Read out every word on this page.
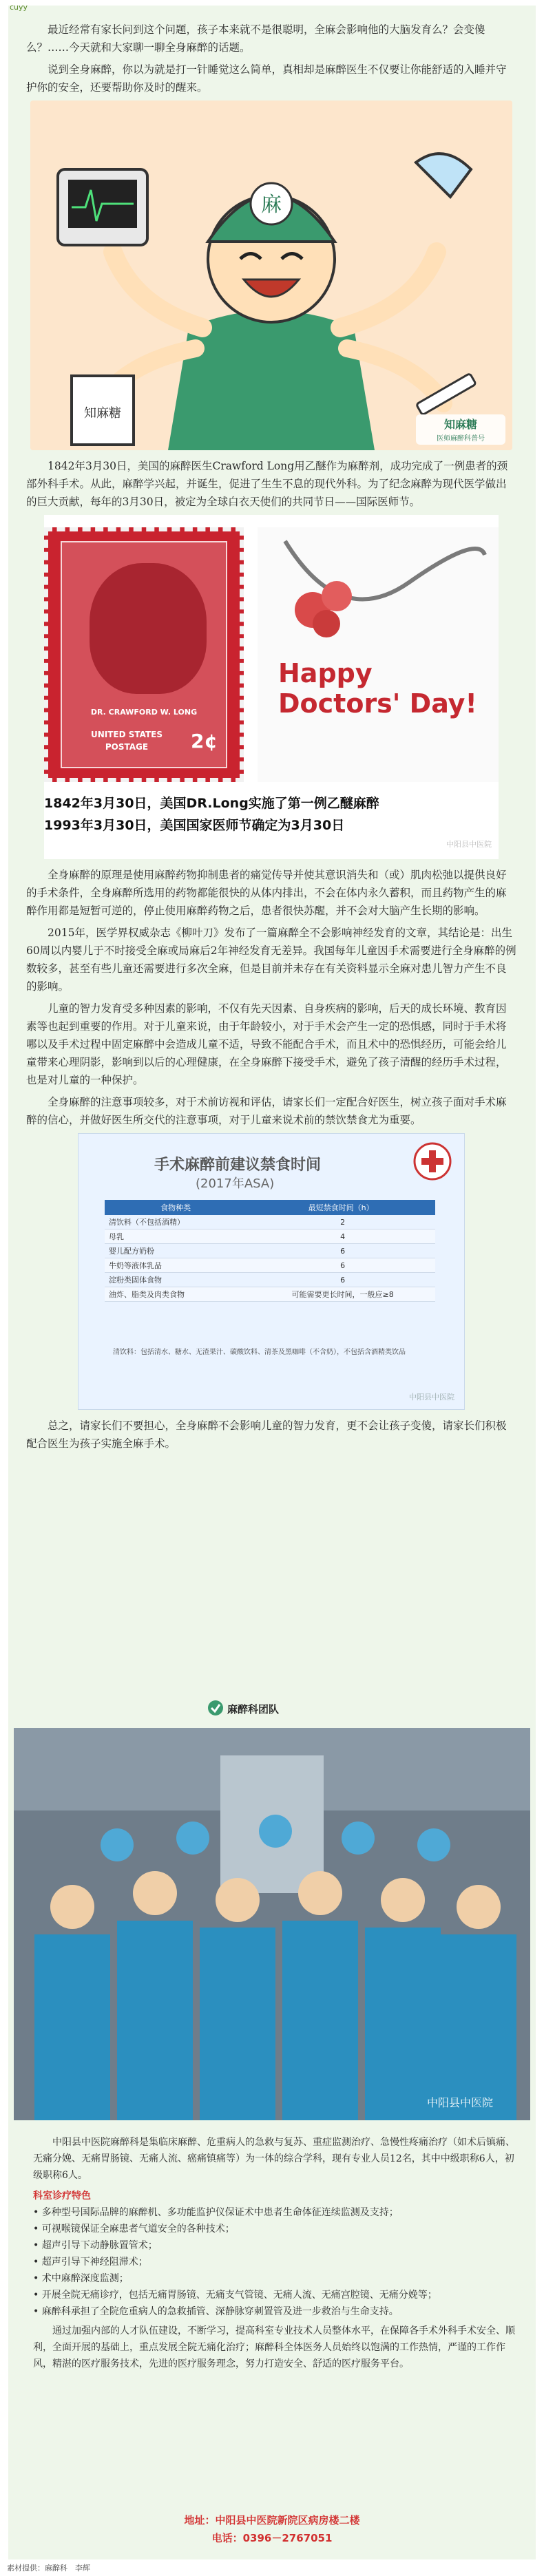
cuyy

最近经常有家长问到这个问题，孩子本来就不是很聪明，全麻会影响他的大脑发育么？会变傻么？……今天就和大家聊一聊全身麻醉的话题。

说到全身麻醉，你以为就是打一针睡觉这么简单，真相却是麻醉医生不仅要让你能舒适的入睡并守护你的安全，还要帮助你及时的醒来。

麻
知麻糖
知麻糖
医师麻醉科普号

1842年3月30日，美国的麻醉医生Crawford Long用乙醚作为麻醉剂，成功完成了一例患者的颈部外科手术。从此，麻醉学兴起，并诞生，促进了生生不息的现代外科。为了纪念麻醉为现代医学做出的巨大贡献，每年的3月30日，被定为全球白衣天使们的共同节日——国际医师节。

DR. CRAWFORD W. LONG
UNITED STATES POSTAGE	2¢
Happy
Doctors' Day!
1842年3月30日，美国DR.Long实施了第一例乙醚麻醉
1993年3月30日，美国国家医师节确定为3月30日
中阳县中医院

全身麻醉的原理是使用麻醉药物抑制患者的痛觉传导并使其意识消失和（或）肌肉松弛以提供良好的手术条件，全身麻醉所选用的药物都能很快的从体内排出，不会在体内永久蓄积，而且药物产生的麻醉作用都是短暂可逆的，停止使用麻醉药物之后，患者很快苏醒，并不会对大脑产生长期的影响。

2015年，医学界权威杂志《柳叶刀》发布了一篇麻醉全不会影响神经发育的文章，其结论是：出生60周以内婴儿于不时接受全麻或局麻后2年神经发育无差异。我国每年儿童因手术需要进行全身麻醉的例数较多，甚至有些儿童还需要进行多次全麻，但是目前并未存在有关资料显示全麻对患儿智力产生不良的影响。

儿童的智力发育受多种因素的影响，不仅有先天因素、自身疾病的影响，后天的成长环境、教育因素等也起到重要的作用。对于儿童来说，由于年龄较小，对于手术会产生一定的恐惧感，同时于手术将哪以及手术过程中固定麻醉中会造成儿童不适，导致不能配合手术，而且术中的恐惧经历，可能会给儿童带来心理阴影，影响到以后的心理健康，在全身麻醉下接受手术，避免了孩子清醒的经历手术过程，也是对儿童的一种保护。

全身麻醉的注意事项较多，对于术前访视和评估，请家长们一定配合好医生，树立孩子面对手术麻醉的信心，并做好医生所交代的注意事项，对于儿童来说术前的禁饮禁食尤为重要。

手术麻醉前建议禁食时间
(2017年ASA)
食物种类	最短禁食时间（h）
清饮料（不包括酒精）	2
母乳	4
婴儿配方奶粉	6
牛奶等液体乳品	6
淀粉类固体食物	6
油炸、脂类及肉类食物	可能需要更长时间，一般应≥8
清饮料：包括清水、糖水、无渣果汁、碳酸饮料、清茶及黑咖啡（不含奶），不包括含酒精类饮品
中阳县中医院

总之，请家长们不要担心，全身麻醉不会影响儿童的智力发育，更不会让孩子变傻，请家长们积极配合医生为孩子实施全麻手术。

麻醉科团队
中阳县中医院

中阳县中医院麻醉科是集临床麻醉、危重病人的急救与复苏、重症监测治疗、急慢性疼痛治疗（如术后镇痛、无痛分娩、无痛胃肠镜、无痛人流、癌痛镇痛等）为一体的综合学科，现有专业人员12名，其中中级职称6人，初级职称6人。

科室诊疗特色

• 多种型号国际品牌的麻醉机、多功能监护仪保证术中患者生命体征连续监测及支持；

• 可视喉镜保证全麻患者气道安全的各种技术；

• 超声引导下动静脉置管术；

• 超声引导下神经阻滞术；

• 术中麻醉深度监测；

• 开展全院无痛诊疗，包括无痛胃肠镜、无痛支气管镜、无痛人流、无痛宫腔镜、无痛分娩等；

• 麻醉科承担了全院危重病人的急救插管、深静脉穿刺置管及进一步救治与生命支持。

通过加强内部的人才队伍建设，不断学习，提高科室专业技术人员整体水平，在保障各手术外科手术安全、顺利，全面开展的基础上，重点发展全院无痛化治疗；麻醉科全体医务人员始终以饱满的工作热情，严谨的工作作风，精湛的医疗服务技术，先进的医疗服务理念，努力打造安全、舒适的医疗服务平台。

地址：中阳县中医院新院区病房楼二楼
电话：0396－2767051
素材提供：麻醉科　李辉
